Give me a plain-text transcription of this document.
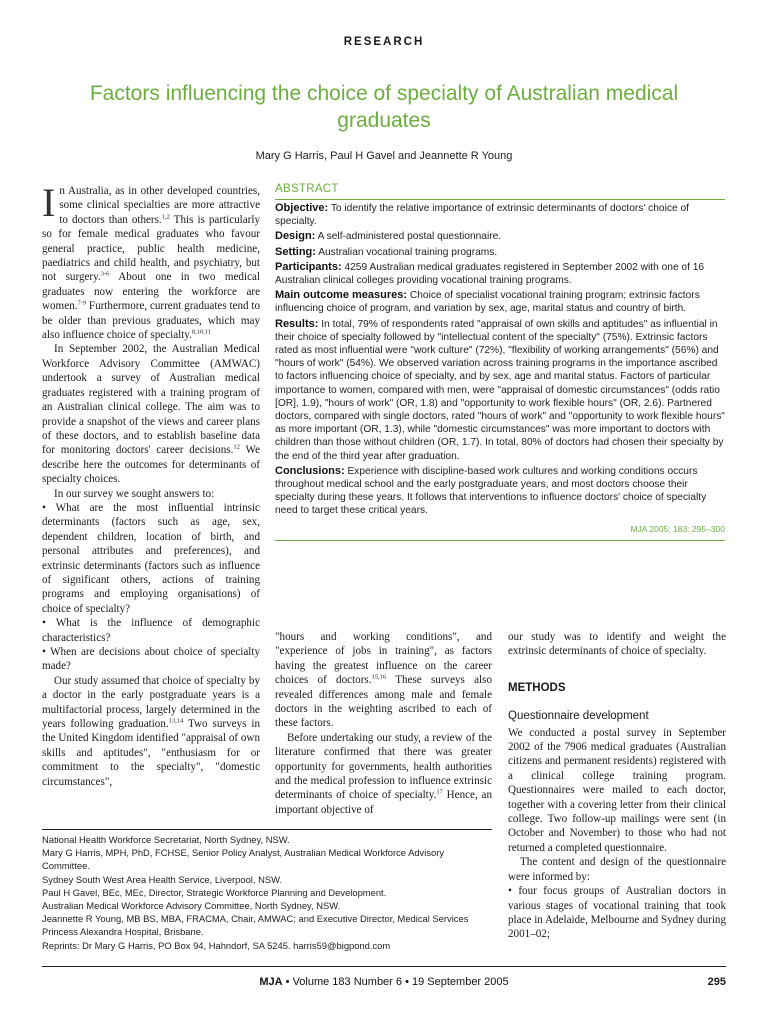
RESEARCH
Factors influencing the choice of specialty of Australian medical graduates
Mary G Harris, Paul H Gavel and Jeannette R Young

In Australia, as in other developed countries, some clinical specialties are more attractive to doctors than others.$^{1,2}$ This is particularly so for female medical graduates who favour general practice, public health medicine, paediatrics and child health, and psychiatry, but not surgery.$^{3-6}$ About one in two medical graduates now entering the workforce are women.$^{7-9}$ Furthermore, current graduates tend to be older than previous graduates, which may also influence choice of specialty.$^{8,10,11}$

In September 2002, the Australian Medical Workforce Advisory Committee (AMWAC) undertook a survey of Australian medical graduates registered with a training program of an Australian clinical college. The aim was to provide a snapshot of the views and career plans of these doctors, and to establish baseline data for monitoring doctors' career decisions.$^{12}$ We describe here the outcomes for determinants of specialty choices.

In our survey we sought answers to:

• What are the most influential intrinsic determinants (factors such as age, sex, dependent children, location of birth, and personal attributes and preferences), and extrinsic determinants (factors such as influence of significant others, actions of training programs and employing organisations) of choice of specialty?

• What is the influence of demographic characteristics?

• When are decisions about choice of specialty made?

Our study assumed that choice of specialty by a doctor in the early postgraduate years is a multifactorial process, largely determined in the years following graduation.$^{13,14}$ Two surveys in the United Kingdom identified "appraisal of own skills and aptitudes", "enthusiasm for or commitment to the specialty", "domestic circumstances",

ABSTRACT
Objective: To identify the relative importance of extrinsic determinants of doctors' choice of specialty.
Design: A self-administered postal questionnaire.
Setting: Australian vocational training programs.
Participants: 4259 Australian medical graduates registered in September 2002 with one of 16 Australian clinical colleges providing vocational training programs.
Main outcome measures: Choice of specialist vocational training program; extrinsic factors influencing choice of program, and variation by sex, age, marital status and country of birth.
Results: In total, 79% of respondents rated "appraisal of own skills and aptitudes" as influential in their choice of specialty followed by "intellectual content of the specialty" (75%). Extrinsic factors rated as most influential were "work culture" (72%), "flexibility of working arrangements" (56%) and "hours of work" (54%). We observed variation across training programs in the importance ascribed to factors influencing choice of specialty, and by sex, age and marital status. Factors of particular importance to women, compared with men, were "appraisal of domestic circumstances" (odds ratio [OR], 1.9), "hours of work" (OR, 1.8) and "opportunity to work flexible hours" (OR, 2.6). Partnered doctors, compared with single doctors, rated "hours of work" and "opportunity to work flexible hours" as more important (OR, 1.3), while "domestic circumstances" was more important to doctors with children than those without children (OR, 1.7). In total, 80% of doctors had chosen their specialty by the end of the third year after graduation.
Conclusions: Experience with discipline-based work cultures and working conditions occurs throughout medical school and the early postgraduate years, and most doctors choose their specialty during these years. It follows that interventions to influence doctors' choice of specialty need to target these critical years.
MJA 2005; 183: 295–300

"hours and working conditions", and "experience of jobs in training", as factors having the greatest influence on the career choices of doctors.$^{15,16}$ These surveys also revealed differences among male and female doctors in the weighting ascribed to each of these factors.

Before undertaking our study, a review of the literature confirmed that there was greater opportunity for governments, health authorities and the medical profession to influence extrinsic determinants of choice of specialty.$^{17}$ Hence, an important objective of

our study was to identify and weight the extrinsic determinants of choice of specialty.

METHODS
Questionnaire development

We conducted a postal survey in September 2002 of the 7906 medical graduates (Australian citizens and permanent residents) registered with a clinical college training program. Questionnaires were mailed to each doctor, together with a covering letter from their clinical college. Two follow-up mailings were sent (in October and November) to those who had not returned a completed questionnaire.

The content and design of the questionnaire were informed by:

• four focus groups of Australian doctors in various stages of vocational training that took place in Adelaide, Melbourne and Sydney during 2001–02;

National Health Workforce Secretariat, North Sydney, NSW.
Mary G Harris, MPH, PhD, FCHSE, Senior Policy Analyst, Australian Medical Workforce Advisory Committee.
Sydney South West Area Health Service, Liverpool, NSW.
Paul H Gavel, BEc, MEc, Director, Strategic Workforce Planning and Development.
Australian Medical Workforce Advisory Committee, North Sydney, NSW.
Jeannette R Young, MB BS, MBA, FRACMA, Chair, AMWAC; and Executive Director, Medical Services Princess Alexandra Hospital, Brisbane.
Reprints: Dr Mary G Harris, PO Box 94, Hahndorf, SA 5245. harris59@bigpond.com
MJA • Volume 183 Number 6 • 19 September 2005	295
